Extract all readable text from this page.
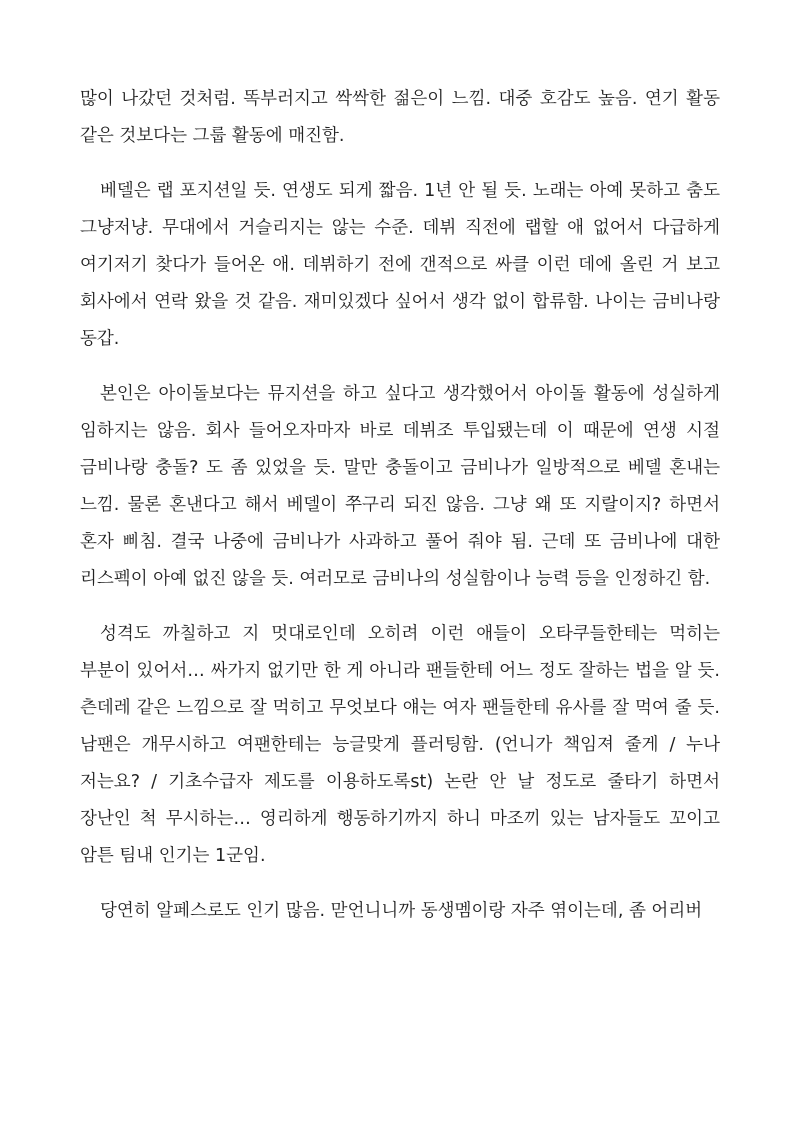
많이 나갔던 것처럼. 똑부러지고 싹싹한 젊은이 느낌. 대중 호감도 높음. 연기 활동 같은 것보다는 그룹 활동에 매진함.

베델은 랩 포지션일 듯. 연생도 되게 짧음. 1년 안 될 듯. 노래는 아예 못하고 춤도 그냥저냥. 무대에서 거슬리지는 않는 수준. 데뷔 직전에 랩할 애 없어서 다급하게 여기저기 찾다가 들어온 애. 데뷔하기 전에 갠적으로 싸클 이런 데에 올린 거 보고 회사에서 연락 왔을 것 같음. 재미있겠다 싶어서 생각 없이 합류함. 나이는 금비나랑 동갑.

본인은 아이돌보다는 뮤지션을 하고 싶다고 생각했어서 아이돌 활동에 성실하게 임하지는 않음. 회사 들어오자마자 바로 데뷔조 투입됐는데 이 때문에 연생 시절 금비나랑 충돌? 도 좀 있었을 듯. 말만 충돌이고 금비나가 일방적으로 베델 혼내는 느낌. 물론 혼낸다고 해서 베델이 쭈구리 되진 않음. 그냥 왜 또 지랄이지? 하면서 혼자 삐침. 결국 나중에 금비나가 사과하고 풀어 줘야 됨. 근데 또 금비나에 대한 리스펙이 아예 없진 않을 듯. 여러모로 금비나의 성실함이나 능력 등을 인정하긴 함.

성격도 까칠하고 지 멋대로인데 오히려 이런 애들이 오타쿠들한테는 먹히는 부분이 있어서… 싸가지 없기만 한 게 아니라 팬들한테 어느 정도 잘하는 법을 알 듯. 츤데레 같은 느낌으로 잘 먹히고 무엇보다 얘는 여자 팬들한테 유사를 잘 먹여 줄 듯. 남팬은 개무시하고 여팬한테는 능글맞게 플러팅함. (언니가 책임져 줄게 / 누나 저는요? / 기초수급자 제도를 이용하도록st) 논란 안 날 정도로 줄타기 하면서 장난인 척 무시하는… 영리하게 행동하기까지 하니 마조끼 있는 남자들도 꼬이고 암튼 팀내 인기는 1군임.

당연히 알페스로도 인기 많음. 맏언니니까 동생멤이랑 자주 엮이는데, 좀 어리버
